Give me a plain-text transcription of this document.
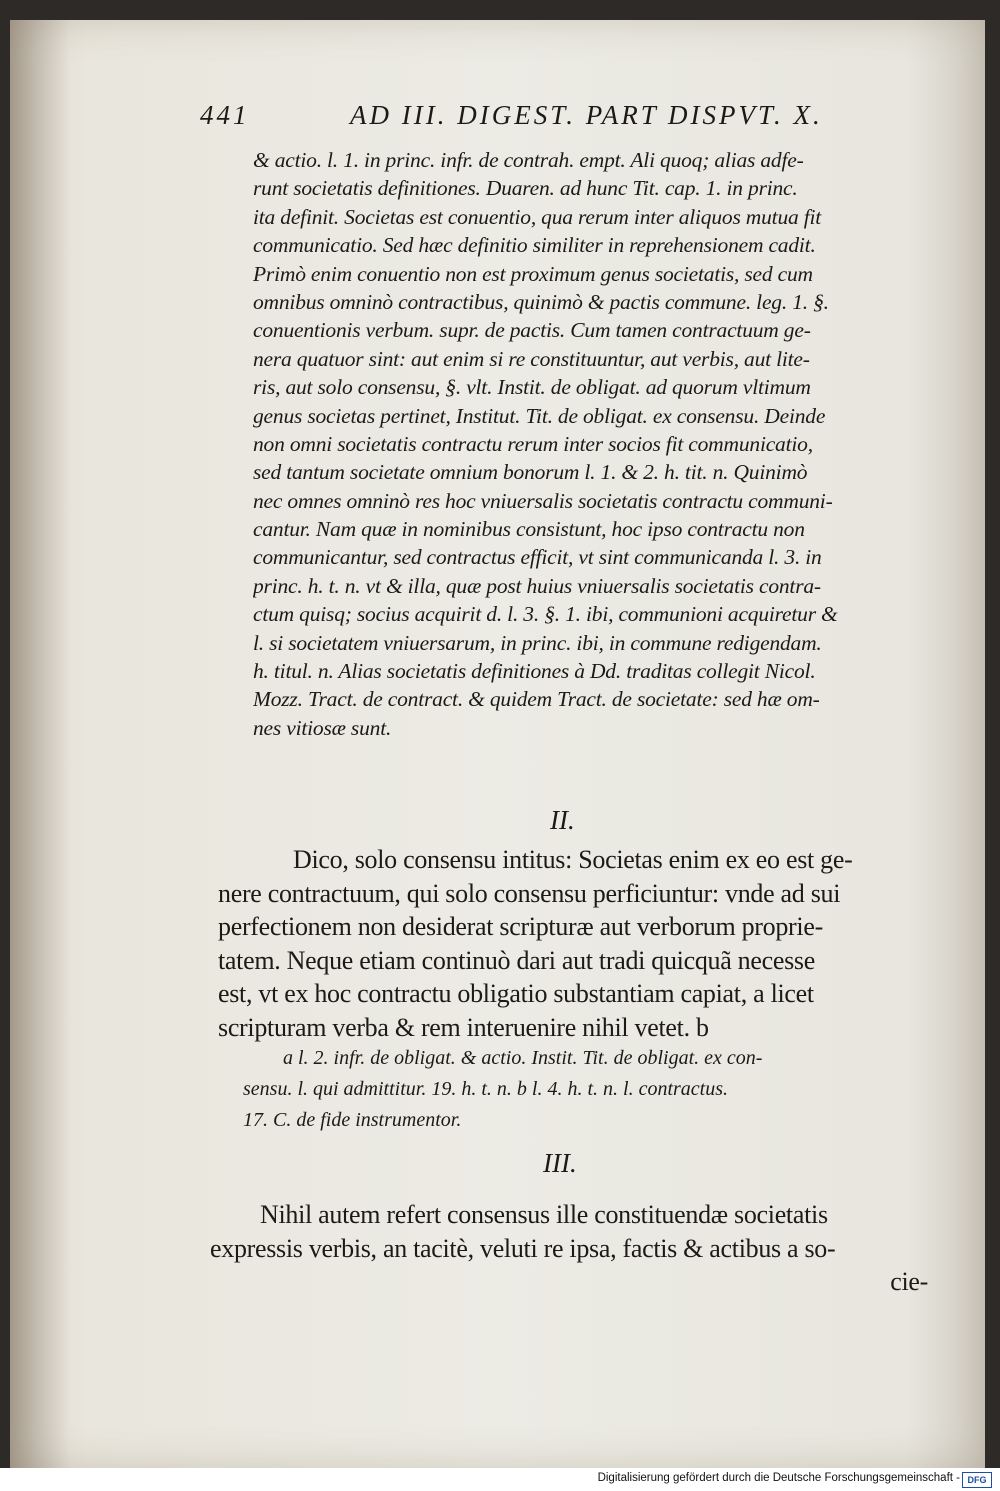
441	AD III. DIGEST. PART DISPVT. X.
& actio. l. 1. in princ. infr. de contrah. empt. Ali quoq; alias adfe-
runt societatis definitiones. Duaren. ad hunc Tit. cap. 1. in princ.
ita definit. Societas est conuentio, qua rerum inter aliquos mutua fit
communicatio. Sed hæc definitio similiter in reprehensionem cadit.
Primò enim conuentio non est proximum genus societatis, sed cum
omnibus omninò contractibus, quinimò & pactis commune. leg. 1. §.
conuentionis verbum. supr. de pactis. Cum tamen contractuum ge-
nera quatuor sint: aut enim si re constituuntur, aut verbis, aut lite-
ris, aut solo consensu, §. vlt. Instit. de obligat. ad quorum vltimum
genus societas pertinet, Institut. Tit. de obligat. ex consensu. Deinde
non omni societatis contractu rerum inter socios fit communicatio,
sed tantum societate omnium bonorum l. 1. & 2. h. tit. n. Quinimò
nec omnes omninò res hoc vniuersalis societatis contractu communi-
cantur. Nam quæ in nominibus consistunt, hoc ipso contractu non
communicantur, sed contractus efficit, vt sint communicanda l. 3. in
princ. h. t. n. vt & illa, quæ post huius vniuersalis societatis contra-
ctum quisq; socius acquirit d. l. 3. §. 1. ibi, communioni acquiretur &
l. si societatem vniuersarum, in princ. ibi, in commune redigendam.
h. titul. n. Alias societatis definitiones à Dd. traditas collegit Nicol.
Mozz. Tract. de contract. & quidem Tract. de societate: sed hæ om-
nes vitiosæ sunt.
II.
Dico, solo consensu intitus: Societas enim ex eo est ge-
nere contractuum, qui solo consensu perficiuntur: vnde ad sui
perfectionem non desiderat scripturæ aut verborum proprie-
tatem. Neque etiam continuò dari aut tradi quicquã necesse
est, vt ex hoc contractu obligatio substantiam capiat, a licet
scripturam verba & rem interuenire nihil vetet. b
a l. 2. infr. de obligat. & actio. Instit. Tit. de obligat. ex con-
sensu. l. qui admittitur. 19. h. t. n. b l. 4. h. t. n. l. contractus.
17. C. de fide instrumentor.
III.
Nihil autem refert consensus ille constituendæ societatis
expressis verbis, an tacitè, veluti re ipsa, factis & actibus a so-
cie-
Digitalisierung gefördert durch die Deutsche Forschungsgemeinschaft - DFG
